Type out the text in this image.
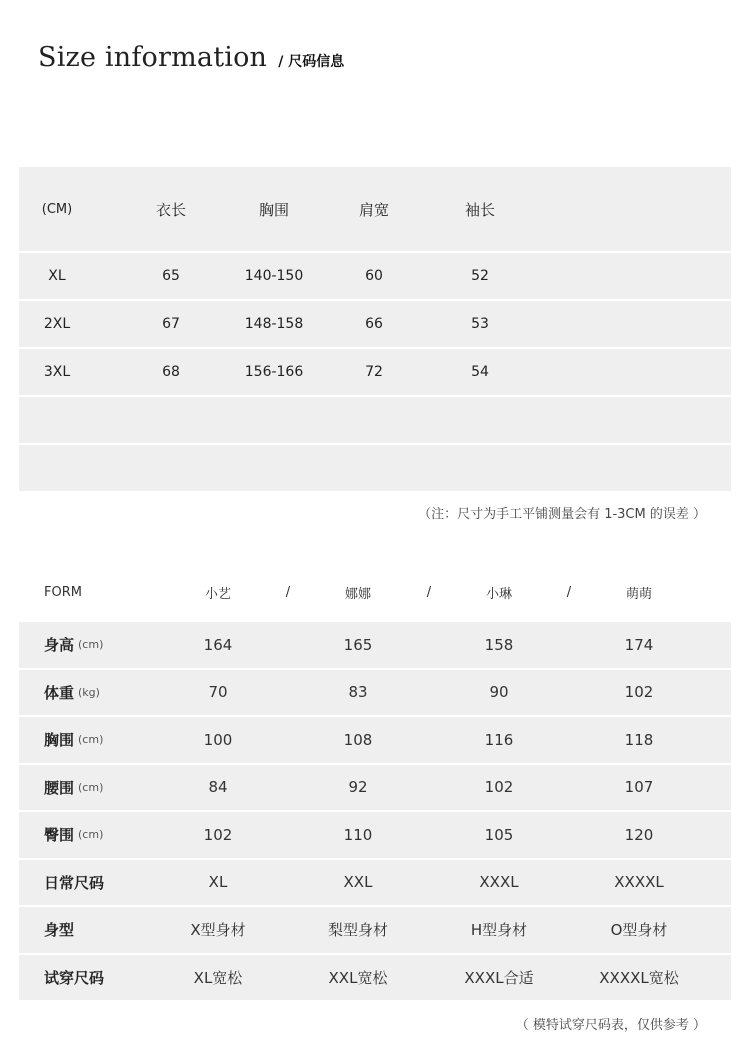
Size information / 尺码信息
(CM)	衣长	胸围	肩宽	袖长
XL	65	140-150	60	52
2XL	67	148-158	66	53
3XL	68	156-166	72	54
（注：尺寸为手工平铺测量会有 1-3CM 的误差 ）
FORM	小艺	/	娜娜	/	小琳	/	萌萌
身高 (cm)	164	165	158	174
体重 (kg)	70	83	90	102
胸围 (cm)	100	108	116	118
腰围 (cm)	84	92	102	107
臀围 (cm)	102	110	105	120
日常尺码	XL	XXL	XXXL	XXXXL
身型	X型身材	梨型身材	H型身材	O型身材
试穿尺码	XL宽松	XXL宽松	XXXL合适	XXXXL宽松
（ 模特试穿尺码表，仅供参考 ）
